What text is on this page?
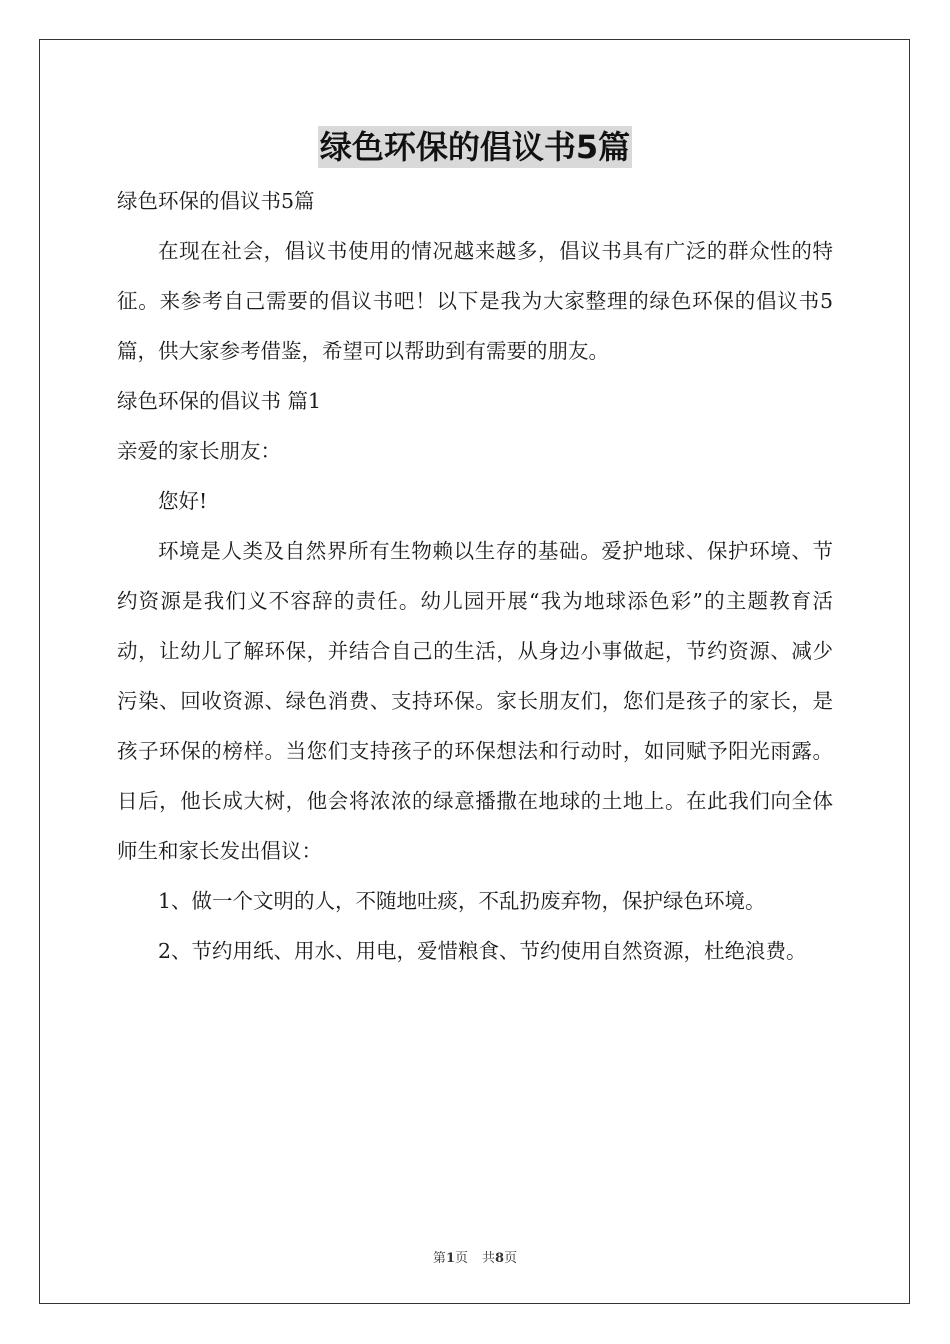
绿色环保的倡议书5篇

绿色环保的倡议书5篇

在现在社会，倡议书使用的情况越来越多，倡议书具有广泛的群众性的特征。来参考自己需要的倡议书吧！以下是我为大家整理的绿色环保的倡议书5篇，供大家参考借鉴，希望可以帮助到有需要的朋友。

绿色环保的倡议书 篇1

亲爱的家长朋友：

您好!

环境是人类及自然界所有生物赖以生存的基础。爱护地球、保护环境、节约资源是我们义不容辞的责任。幼儿园开展“我为地球添色彩”的主题教育活动，让幼儿了解环保，并结合自己的生活，从身边小事做起，节约资源、减少污染、回收资源、绿色消费、支持环保。家长朋友们，您们是孩子的家长，是孩子环保的榜样。当您们支持孩子的环保想法和行动时，如同赋予阳光雨露。日后，他长成大树，他会将浓浓的绿意播撒在地球的土地上。在此我们向全体师生和家长发出倡议：

1、做一个文明的人，不随地吐痰，不乱扔废弃物，保护绿色环境。

2、节约用纸、用水、用电，爱惜粮食、节约使用自然资源，杜绝浪费。

第1页 共8页
